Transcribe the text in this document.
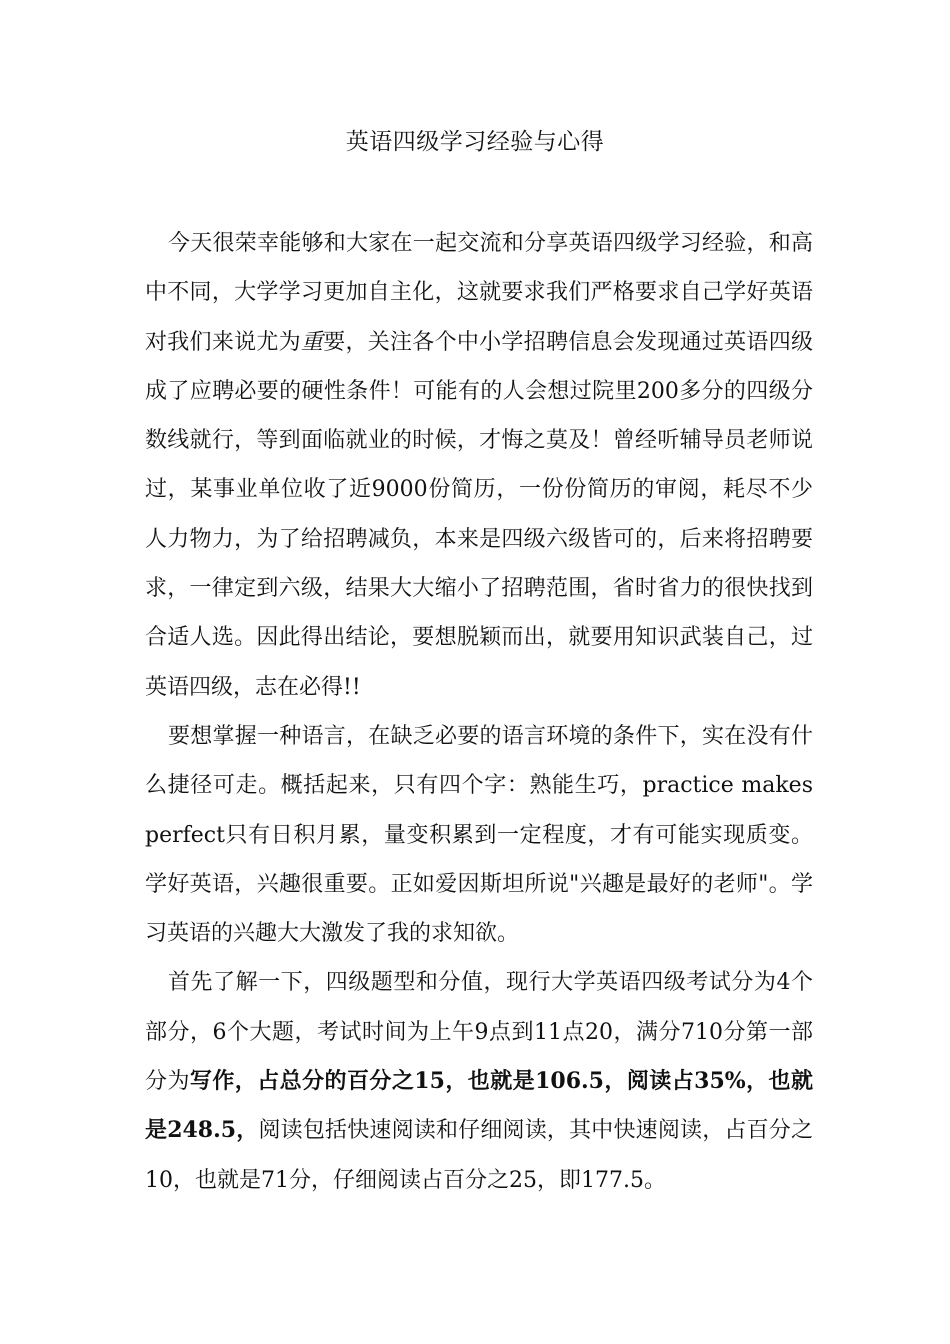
英语四级学习经验与心得

今天很荣幸能够和大家在一起交流和分享英语四级学习经验，和高中不同，大学学习更加自主化，这就要求我们严格要求自己学好英语对我们来说尤为重要，关注各个中小学招聘信息会发现通过英语四级成了应聘必要的硬性条件！可能有的人会想过院里200多分的四级分数线就行，等到面临就业的时候，才悔之莫及！曾经听辅导员老师说过，某事业单位收了近9000份简历，一份份简历的审阅，耗尽不少人力物力，为了给招聘减负，本来是四级六级皆可的，后来将招聘要求，一律定到六级，结果大大缩小了招聘范围，省时省力的很快找到合适人选。因此得出结论，要想脱颖而出，就要用知识武装自己，过英语四级，志在必得!!

要想掌握一种语言，在缺乏必要的语言环境的条件下，实在没有什么捷径可走。概括起来，只有四个字：熟能生巧，practice makes perfect只有日积月累，量变积累到一定程度，才有可能实现质变。学好英语，兴趣很重要。正如爱因斯坦所说"兴趣是最好的老师"。学习英语的兴趣大大激发了我的求知欲。

首先了解一下，四级题型和分值，现行大学英语四级考试分为4个部分，6个大题，考试时间为上午9点到11点20，满分710分第一部分为写作，占总分的百分之15，也就是106.5，阅读占35%，也就是248.5，阅读包括快速阅读和仔细阅读，其中快速阅读，占百分之10，也就是71分，仔细阅读占百分之25，即177.5。
